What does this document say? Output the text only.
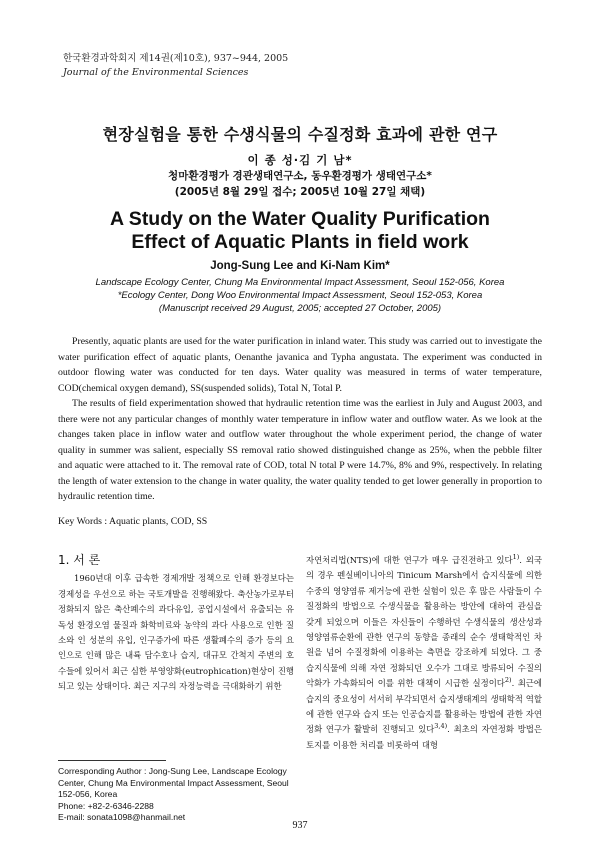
한국환경과학회지 제14권(제10호), 937~944, 2005
Journal of the Environmental Sciences
현장실험을 통한 수생식물의 수질정화 효과에 관한 연구
이 종 성·김 기 남*
청마환경평가 경관생태연구소, 동우환경평가 생태연구소*
(2005년 8월 29일 접수; 2005년 10월 27일 채택)
A Study on the Water Quality Purification
Effect of Aquatic Plants in field work
Jong-Sung Lee and Ki-Nam Kim*
Landscape Ecology Center, Chung Ma Environmental Impact Assessment, Seoul 152-056, Korea
*Ecology Center, Dong Woo Environmental Impact Assessment, Seoul 152-053, Korea
(Manuscript received 29 August, 2005; accepted 27 October, 2005)

Presently, aquatic plants are used for the water purification in inland water. This study was carried out to investigate the water purification effect of aquatic plants, Oenanthe javanica and Typha angustata. The experiment was conducted in outdoor flowing water was conducted for ten days. Water quality was measured in terms of water temperature, COD(chemical oxygen demand), SS(suspended solids), Total N, Total P.

The results of field experimentation showed that hydraulic retention time was the earliest in July and August 2003, and there were not any particular changes of monthly water temperature in inflow water and outflow water. As we look at the changes taken place in inflow water and outflow water throughout the whole experiment period, the change of water quality in summer was salient, especially SS removal ratio showed distinguished change as 25%, when the pebble filter and aquatic were attached to it. The removal rate of COD, total N total P were 14.7%, 8% and 9%, respectively. In relating the length of water extension to the change in water quality, the water quality tended to get lower generally in proportion to hydraulic retention time.

Key Words : Aquatic plants, COD, SS
1. 서 론

1960년대 이후 급속한 경제개발 정책으로 인해 환경보다는 경제성을 우선으로 하는 국토개발을 진행해왔다. 축산농가로부터 정화되지 않은 축산폐수의 과다유입, 공업시설에서 유출되는 유독성 환경오염 물질과 화학비료와 농약의 과다 사용으로 인한 질소와 인 성분의 유입, 인구증가에 따른 생활폐수의 증가 등의 요인으로 인해 많은 내륙 담수호나 습지, 대규모 간척지 주변의 호수들에 있어서 최근 심한 부영양화(eutrophication)현상이 진행되고 있는 상태이다. 최근 지구의 자정능력을 극대화하기 위한

자연처리법(NTS)에 대한 연구가 매우 급진전하고 있다$^{1)}$. 외국의 경우 펜실베이니아의 Tinicum Marsh에서 습지식물에 의한 수중의 영양염류 제거능에 관한 실험이 있은 후 많은 사람들이 수질정화의 방법으로 수생식물을 활용하는 방안에 대하여 관심을 갖게 되었으며 이들은 자신들이 수행하던 수생식물의 생산성과 영양염류순환에 관한 연구의 동향을 종래의 순수 생태학적인 차원을 넘어 수질정화에 이용하는 측면을 강조하게 되었다. 그 중 습지식물에 의해 자연 정화되던 오수가 그대로 방류되어 수질의 악화가 가속화되어 이를 위한 대책이 시급한 실정이다$^{2)}$. 최근에 습지의 중요성이 서서히 부각되면서 습지생태계의 생태학적 역할에 관한 연구와 습지 또는 인공습지를 활용하는 방법에 관한 자연정화 연구가 활발히 진행되고 있다$^{3,4)}$. 최초의 자연정화 방법은 토지를 이용한 처리를 비롯하여 대형

Corresponding Author : Jong-Sung Lee, Landscape Ecology Center, Chung Ma Environmental Impact Assessment, Seoul 152-056, Korea
Phone: +82-2-6346-2288
E-mail: sonata1098@hanmail.net
937
